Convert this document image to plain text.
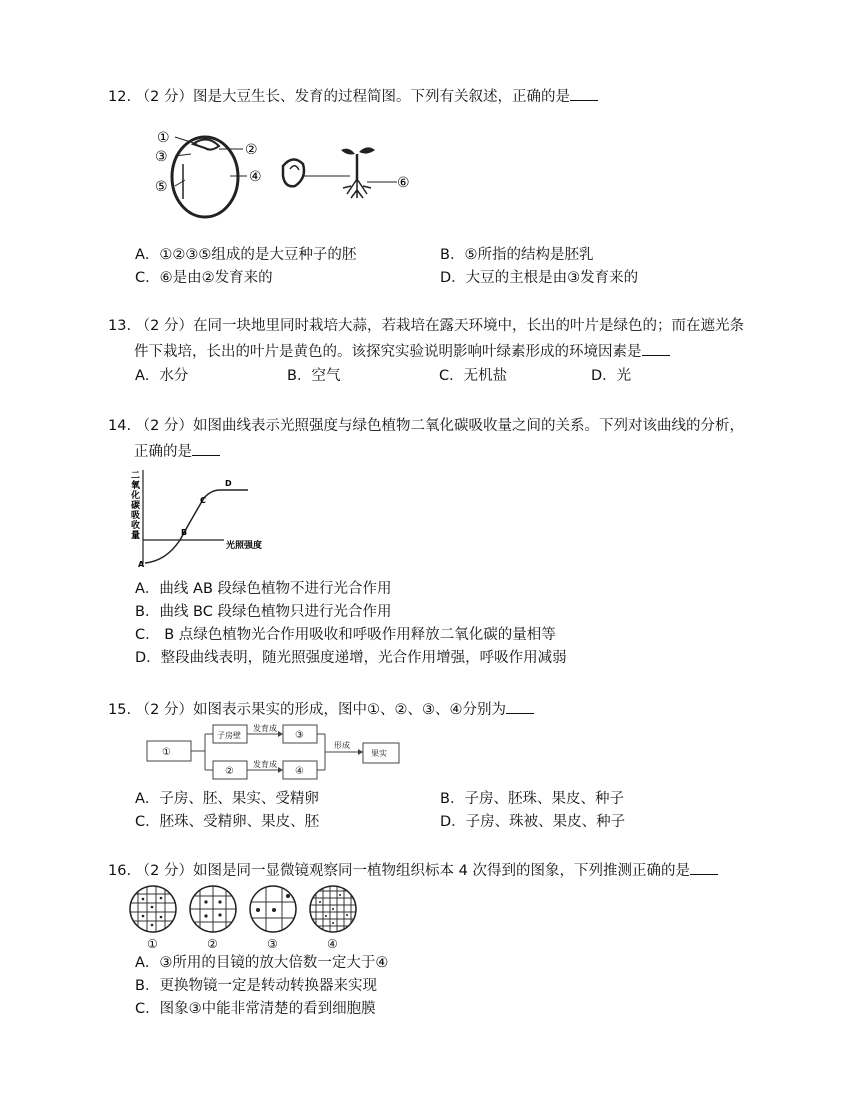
12. （2 分）图是大豆生长、发育的过程简图。下列有关叙述，正确的是

①
③
⑤
②
④	⑥
A．①②③⑤组成的是大豆种子的胚	B．⑤所指的结构是胚乳
C．⑥是由②发育来的	D．大豆的主根是由③发育来的

13. （2 分）在同一块地里同时栽培大蒜，若栽培在露天环境中，长出的叶片是绿色的；而在遮光条
件下栽培，长出的叶片是黄色的。该探究实验说明影响叶绿素形成的环境因素是

A．水分	B．空气	C．无机盐	D．光

14. （2 分）如图曲线表示光照强度与绿色植物二氧化碳吸收量之间的关系。下列对该曲线的分析，
正确的是

二
氧
化
碳
吸
收
量
A
B
C
D
光照强度
A．曲线 AB 段绿色植物不进行光合作用
B．曲线 BC 段绿色植物只进行光合作用
C． B 点绿色植物光合作用吸收和呼吸作用释放二氧化碳的量相等
D．整段曲线表明，随光照强度递增，光合作用增强，呼吸作用减弱

15. （2 分）如图表示果实的形成，图中①、②、③、④分别为

①
子房壁
②
发育成
发育成
③
④
形成
果实
A．子房、胚、果实、受精卵	B．子房、胚珠、果皮、种子
C．胚珠、受精卵、果皮、胚	D．子房、珠被、果皮、种子

16. （2 分）如图是同一显微镜观察同一植物组织标本 4 次得到的图象，下列推测正确的是

①	②	③	④
A．③所用的目镜的放大倍数一定大于④
B．更换物镜一定是转动转换器来实现
C．图象③中能非常清楚的看到细胞膜
